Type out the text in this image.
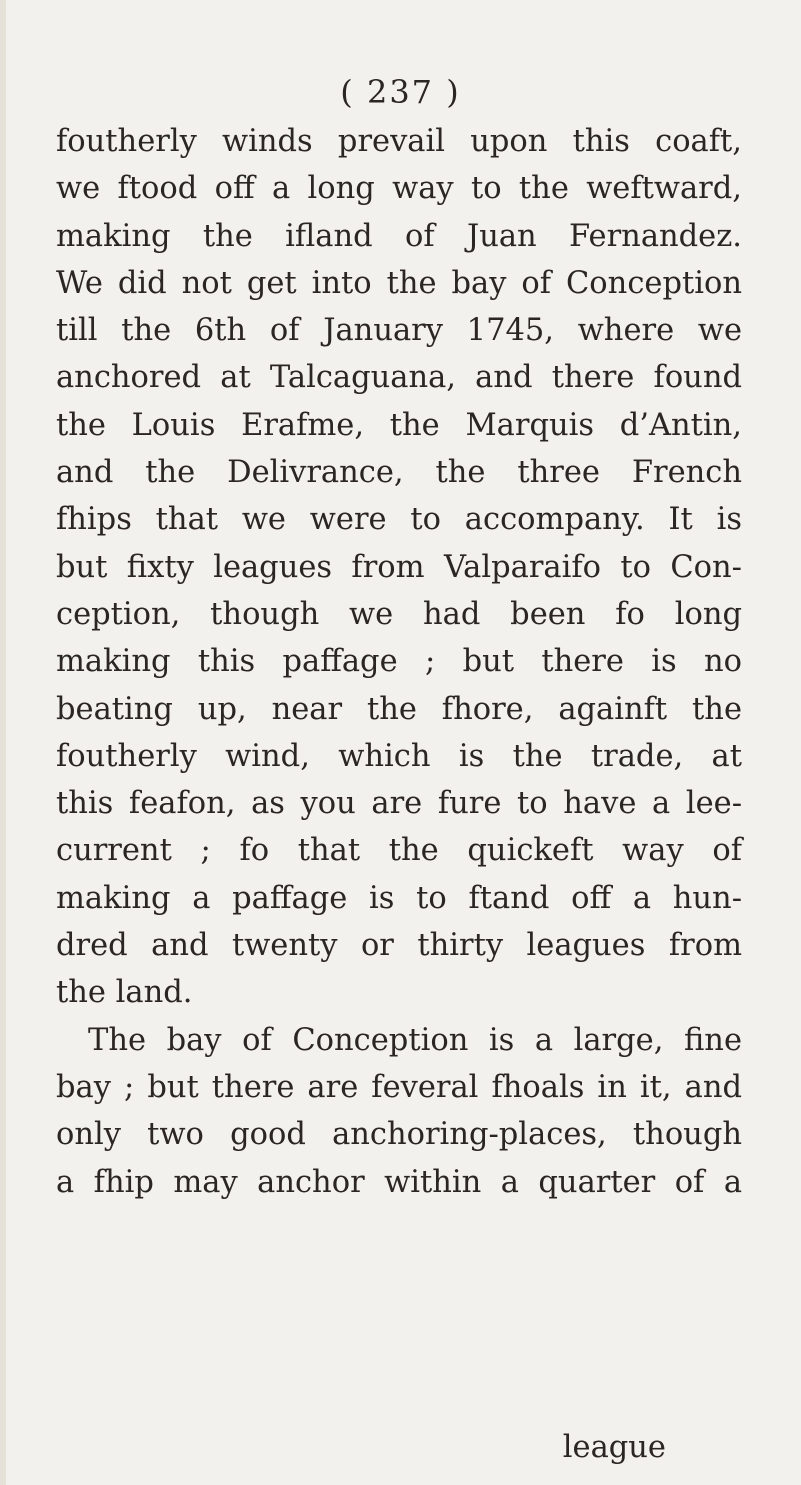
( 237 )
foutherly winds prevail upon this coaft,
we ftood off a long way to the weftward,
making the ifland of Juan Fernandez.
We did not get into the bay of Conception
till the 6th of January 1745, where we
anchored at Talcaguana, and there found
the Louis Erafme, the Marquis d’Antin,
and the Delivrance, the three French
fhips that we were to accompany. It is
but fixty leagues from Valparaifo to Con-
ception, though we had been fo long
making this paffage ; but there is no
beating up, near the fhore, againft the
foutherly wind, which is the trade, at
this feafon, as you are fure to have a lee-
current ; fo that the quickeft way of
making a paffage is to ftand off a hun-
dred and twenty or thirty leagues from
the land.
The bay of Conception is a large, fine
bay ; but there are feveral fhoals in it, and
only two good anchoring-places, though
a fhip may anchor within a quarter of a
league
